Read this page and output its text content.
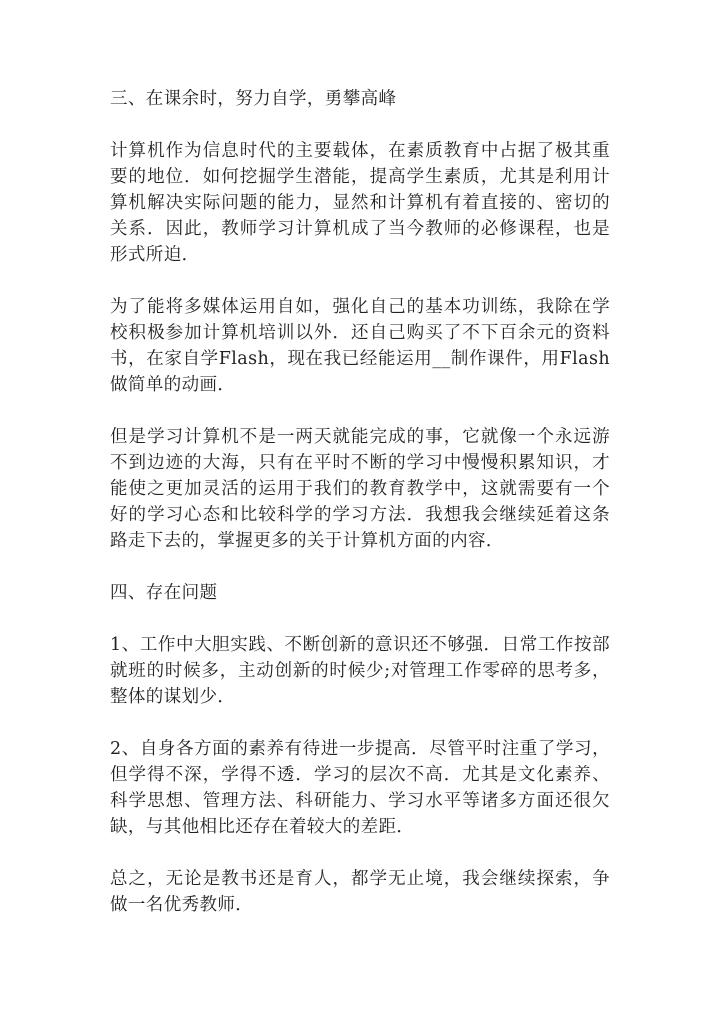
三、在课余时，努力自学，勇攀高峰

计算机作为信息时代的主要载体，在素质教育中占据了极其重要的地位．如何挖掘学生潜能，提高学生素质，尤其是利用计算机解决实际问题的能力，显然和计算机有着直接的、密切的关系．因此，教师学习计算机成了当今教师的必修课程，也是形式所迫．

为了能将多媒体运用自如，强化自己的基本功训练，我除在学校积极参加计算机培训以外．还自己购买了不下百余元的资料书，在家自学Flash，现在我已经能运用__制作课件，用Flash做简单的动画．

但是学习计算机不是一两天就能完成的事，它就像一个永远游不到边迹的大海，只有在平时不断的学习中慢慢积累知识，才能使之更加灵活的运用于我们的教育教学中，这就需要有一个好的学习心态和比较科学的学习方法．我想我会继续延着这条路走下去的，掌握更多的关于计算机方面的内容．

四、存在问题

1、工作中大胆实践、不断创新的意识还不够强．日常工作按部就班的时候多，主动创新的时候少;对管理工作零碎的思考多，整体的谋划少．

2、自身各方面的素养有待进一步提高．尽管平时注重了学习，但学得不深，学得不透．学习的层次不高．尤其是文化素养、科学思想、管理方法、科研能力、学习水平等诸多方面还很欠缺，与其他相比还存在着较大的差距．

总之，无论是教书还是育人，都学无止境，我会继续探索，争做一名优秀教师．
